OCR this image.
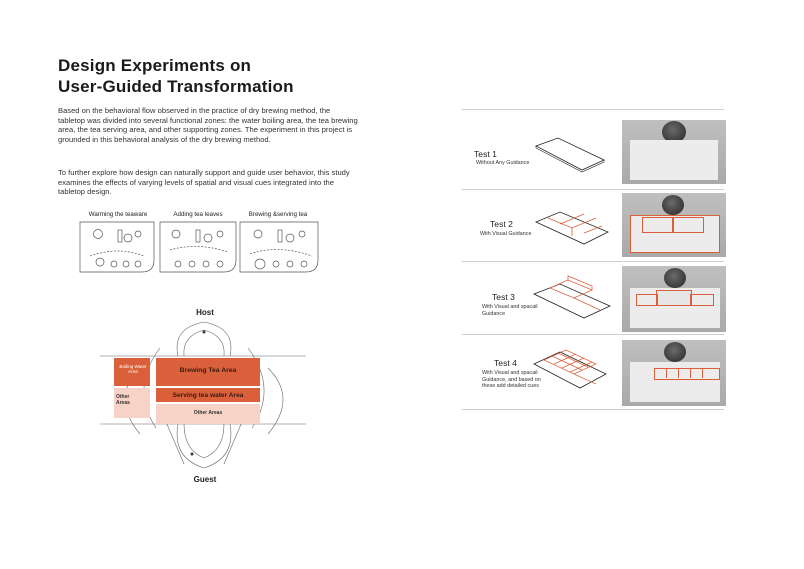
Design Experiments on
User-Guided Transformation
Based on the behavioral flow observed in the practice of dry brewing method, the tabletop was divided into several functional zones: the water boiling area, the tea brewing area, the tea serving area, and other supporting zones. The experiment in this project is grounded in this behavioral analysis of the dry brewing method.
To further explore how design can naturally support and guide user behavior, this study examines the effects of varying levels of spatial and visual cues integrated into the tabletop design.
Warming the teaware	Adding tea leaves	Brewing &serving tea
Host
Guest
Boiling Water Area	Brewing Tea Area
Other Areas
Serving tea water Area
Other Areas
Test 1
Without Any Guidance
Test 2
With Visual Guidance
Test 3
With Visual and spacail Guidance
Test 4
With Visual and spacail Guidance, and based on these add detailed cues
